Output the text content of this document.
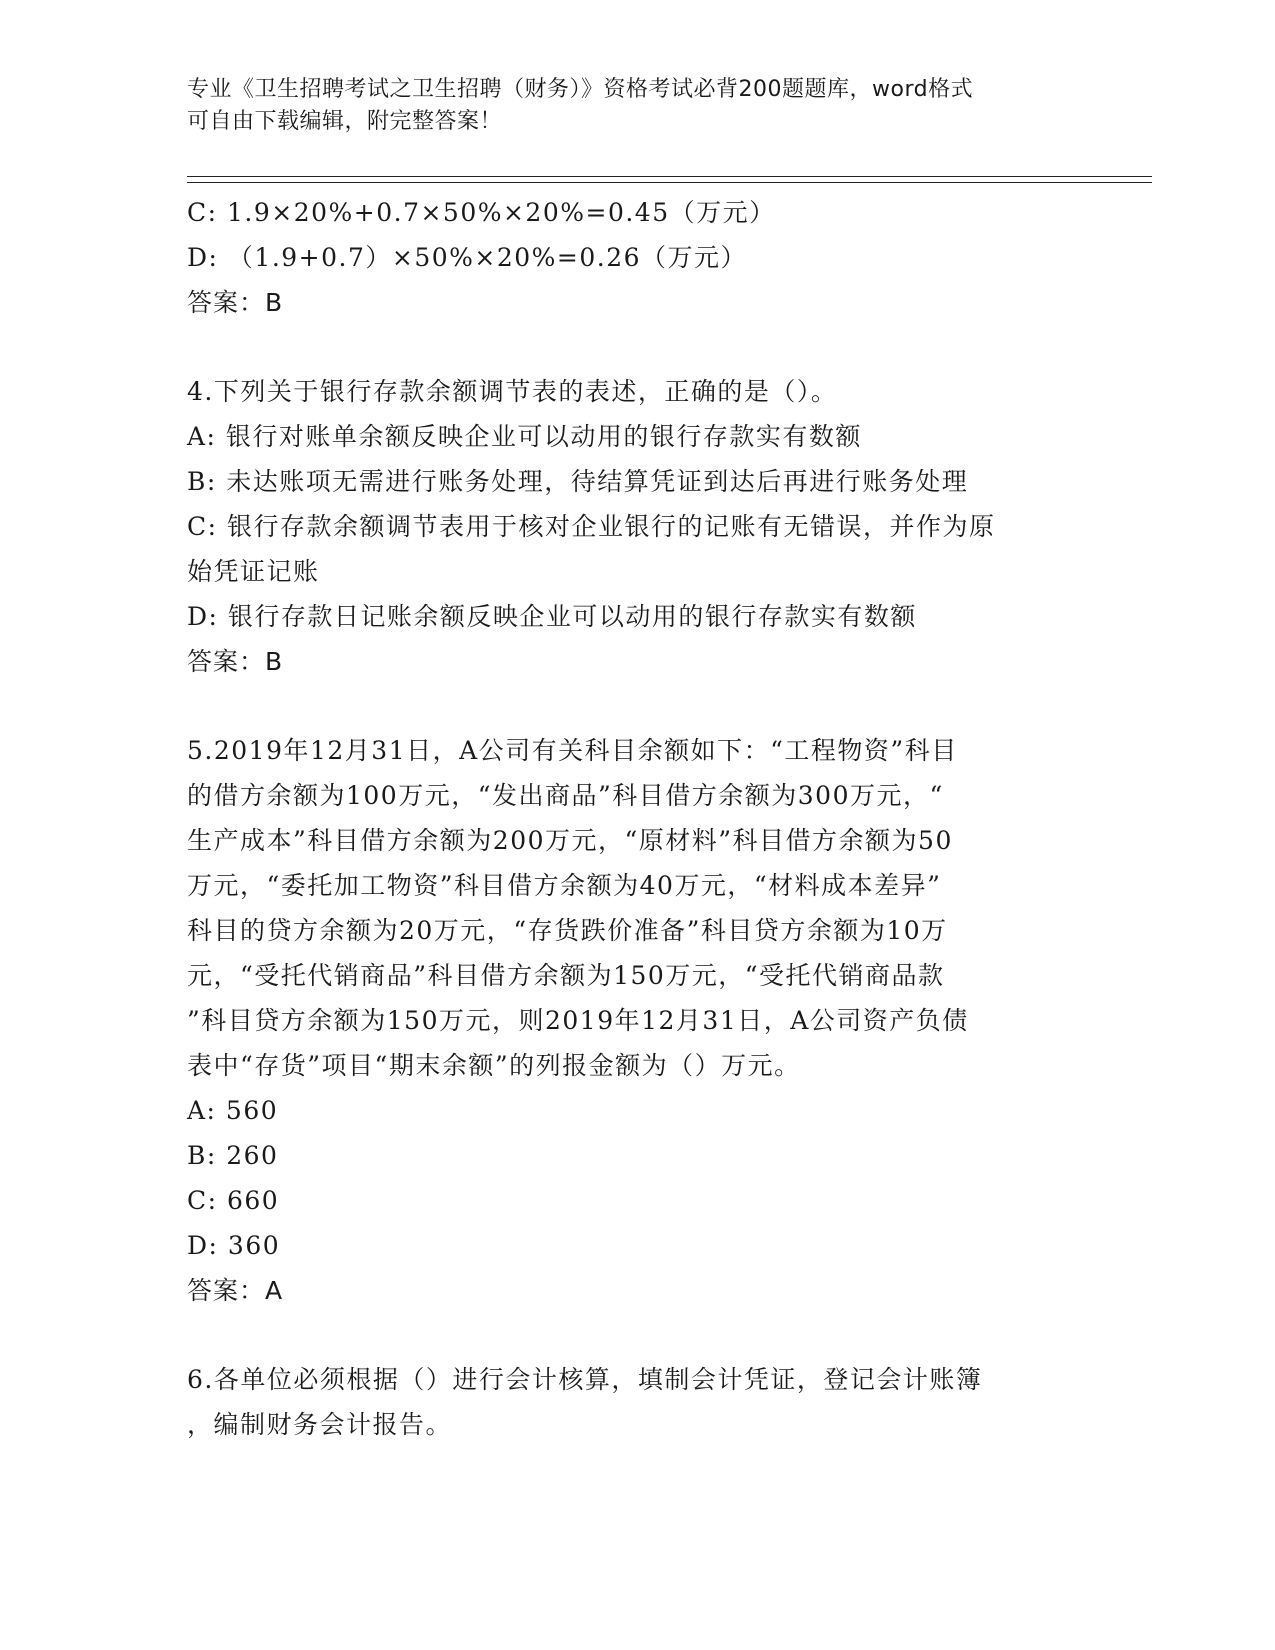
专业《卫生招聘考试之卫生招聘（财务）》资格考试必背200题题库，word格式
可自由下载编辑，附完整答案！
C: 1.9×20%+0.7×50%×20%=0.45（万元）
D: （1.9+0.7）×50%×20%=0.26（万元）
答案：B
4.下列关于银行存款余额调节表的表述，正确的是（）。
A: 银行对账单余额反映企业可以动用的银行存款实有数额
B: 未达账项无需进行账务处理，待结算凭证到达后再进行账务处理
C: 银行存款余额调节表用于核对企业银行的记账有无错误，并作为原
始凭证记账
D: 银行存款日记账余额反映企业可以动用的银行存款实有数额
答案：B
5.2019年12月31日，A公司有关科目余额如下：“工程物资”科目
的借方余额为100万元，“发出商品”科目借方余额为300万元，“
生产成本”科目借方余额为200万元，“原材料”科目借方余额为50
万元，“委托加工物资”科目借方余额为40万元，“材料成本差异”
科目的贷方余额为20万元，“存货跌价准备”科目贷方余额为10万
元，“受托代销商品”科目借方余额为150万元，“受托代销商品款
”科目贷方余额为150万元，则2019年12月31日，A公司资产负债
表中“存货”项目“期末余额”的列报金额为（）万元。
A: 560
B: 260
C: 660
D: 360
答案：A
6.各单位必须根据（）进行会计核算，填制会计凭证，登记会计账簿
，编制财务会计报告。
